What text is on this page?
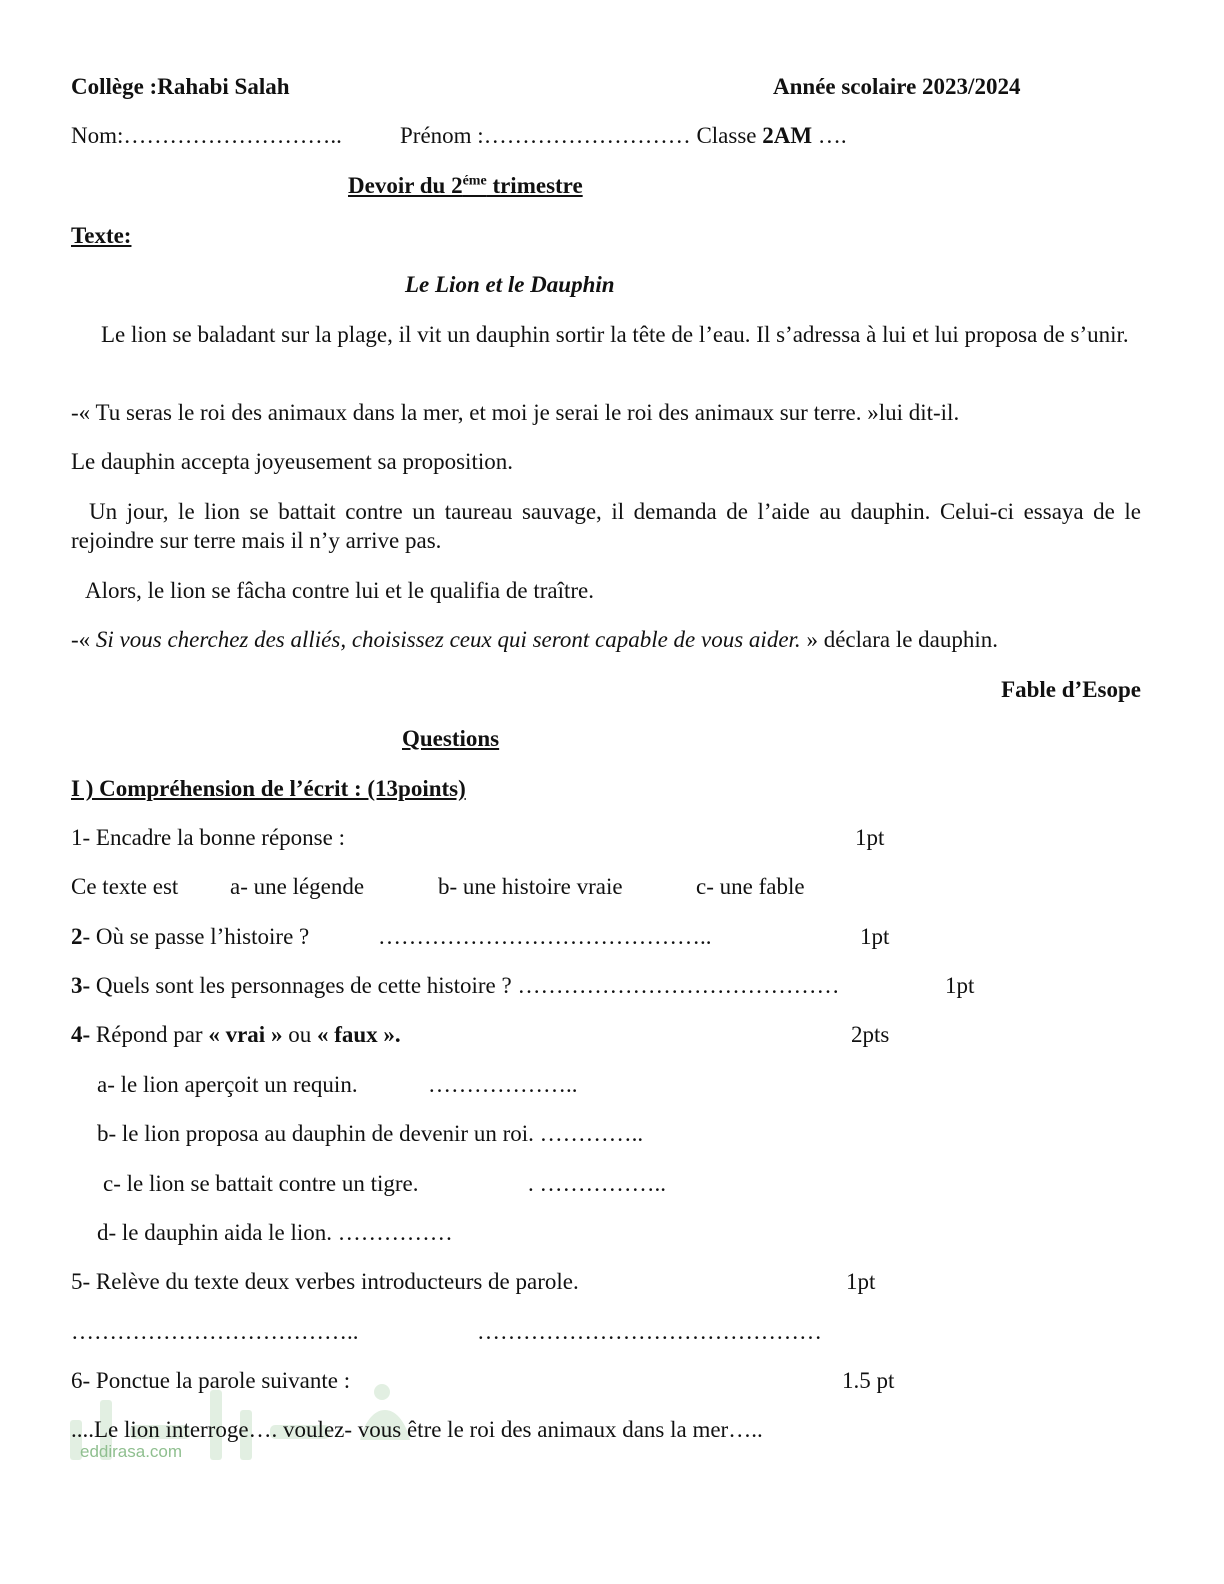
Collège :Rahabi Salah	Année scolaire 2023/2024
Nom:………………………..	Prénom :……………………… Classe 2AM ….
Devoir du $2^{éme}$ trimestre
Texte:
Le Lion et le Dauphin
Le lion se baladant sur la plage, il vit un dauphin sortir la tête de l’eau. Il s’adressa à lui et lui proposa de s’unir.
-« Tu seras le roi des animaux dans la mer, et moi je serai le roi des animaux sur terre. »lui dit-il.
Le dauphin accepta joyeusement sa proposition.
Un jour, le lion se battait contre un taureau sauvage, il demanda de l’aide au dauphin. Celui-ci essaya de le rejoindre sur terre mais il n’y arrive pas.
Alors, le lion se fâcha contre lui et le qualifia de traître.
-« Si vous cherchez des alliés, choisissez ceux qui seront capable de vous aider. » déclara le dauphin.
Fable d’Esope
Questions
I ) Compréhension de l’écrit : (13points)
1- Encadre la bonne réponse :	1pt
Ce texte est a- une légende	b- une histoire vraie	c- une fable
2- Où se passe l’histoire ?	……………………………………..	1pt
3- Quels sont les personnages de cette histoire ? ……………………………………	1pt
4- Répond par « vrai » ou « faux ».	2pts
a- le lion aperçoit un requin.	………………..
b- le lion proposa au dauphin de devenir un roi. …………..
c- le lion se battait contre un tigre.	. ……………..
d- le dauphin aida le lion. ……………
5- Relève du texte deux verbes introducteurs de parole.	1pt
………………………………..	………………………………………
6- Ponctue la parole suivante :	1.5 pt
eddirasa.com
....Le lion interroge…. voulez- vous être le roi des animaux dans la mer…..
